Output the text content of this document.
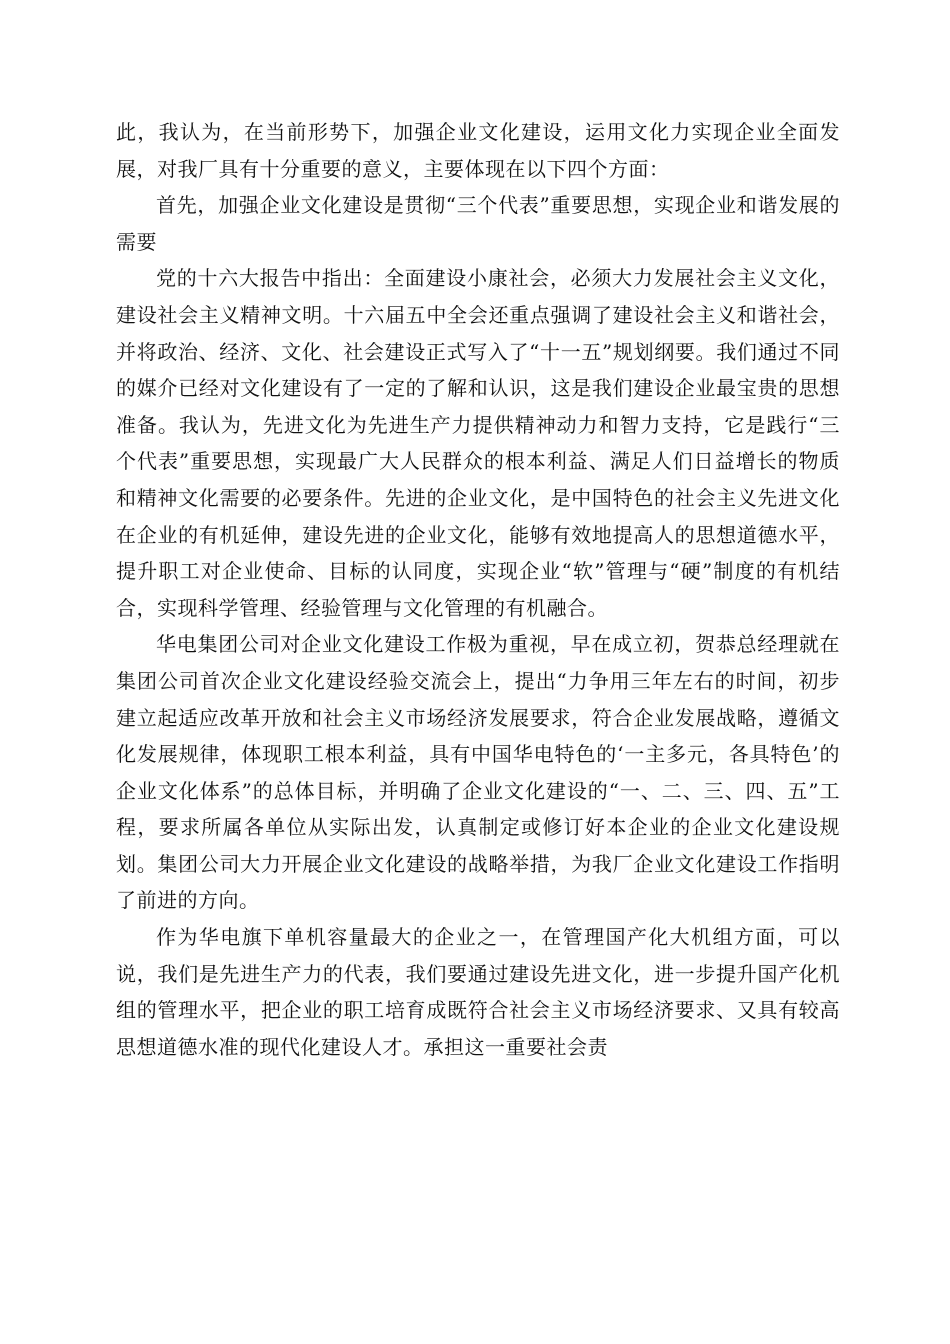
此，我认为，在当前形势下，加强企业文化建设，运用文化力实现企业全面发展，对我厂具有十分重要的意义，主要体现在以下四个方面：

首先，加强企业文化建设是贯彻“三个代表”重要思想，实现企业和谐发展的需要

党的十六大报告中指出：全面建设小康社会，必须大力发展社会主义文化，建设社会主义精神文明。十六届五中全会还重点强调了建设社会主义和谐社会，并将政治、经济、文化、社会建设正式写入了“十一五”规划纲要。我们通过不同的媒介已经对文化建设有了一定的了解和认识，这是我们建设企业最宝贵的思想准备。我认为，先进文化为先进生产力提供精神动力和智力支持，它是践行“三个代表”重要思想，实现最广大人民群众的根本利益、满足人们日益增长的物质和精神文化需要的必要条件。先进的企业文化，是中国特色的社会主义先进文化在企业的有机延伸，建设先进的企业文化，能够有效地提高人的思想道德水平，提升职工对企业使命、目标的认同度，实现企业“软”管理与“硬”制度的有机结合，实现科学管理、经验管理与文化管理的有机融合。

华电集团公司对企业文化建设工作极为重视，早在成立初，贺恭总经理就在集团公司首次企业文化建设经验交流会上，提出“力争用三年左右的时间，初步建立起适应改革开放和社会主义市场经济发展要求，符合企业发展战略，遵循文化发展规律，体现职工根本利益，具有中国华电特色的‘一主多元，各具特色’的企业文化体系”的总体目标，并明确了企业文化建设的“一、二、三、四、五”工程，要求所属各单位从实际出发，认真制定或修订好本企业的企业文化建设规划。集团公司大力开展企业文化建设的战略举措，为我厂企业文化建设工作指明了前进的方向。

作为华电旗下单机容量最大的企业之一，在管理国产化大机组方面，可以说，我们是先进生产力的代表，我们要通过建设先进文化，进一步提升国产化机组的管理水平，把企业的职工培育成既符合社会主义市场经济要求、又具有较高思想道德水准的现代化建设人才。承担这一重要社会责
